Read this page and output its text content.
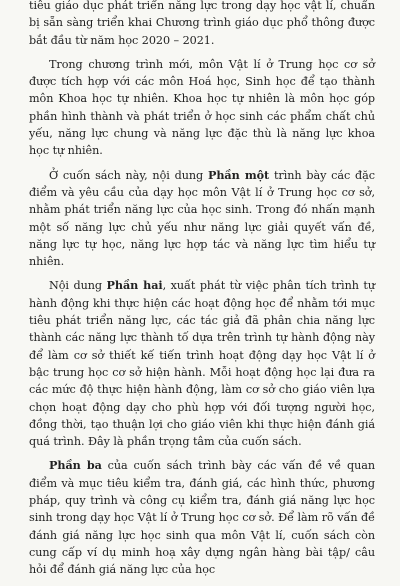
tiêu giáo dục phát triển năng lực trong dạy học vật lí, chuẩn bị sẵn sàng triển khai Chương trình giáo dục phổ thông được bắt đầu từ năm học 2020 – 2021.

Trong chương trình mới, môn Vật lí ở Trung học cơ sở được tích hợp với các môn Hoá học, Sinh học để tạo thành môn Khoa học tự nhiên. Khoa học tự nhiên là môn học góp phần hình thành và phát triển ở học sinh các phẩm chất chủ yếu, năng lực chung và năng lực đặc thù là năng lực khoa học tự nhiên.

Ở cuốn sách này, nội dung Phần một trình bày các đặc điểm và yêu cầu của dạy học môn Vật lí ở Trung học cơ sở, nhằm phát triển năng lực của học sinh. Trong đó nhấn mạnh một số năng lực chủ yếu như năng lực giải quyết vấn đề, năng lực tự học, năng lực hợp tác và năng lực tìm hiểu tự nhiên.

Nội dung Phần hai, xuất phát từ việc phân tích trình tự hành động khi thực hiện các hoạt động học để nhằm tới mục tiêu phát triển năng lực, các tác giả đã phân chia năng lực thành các năng lực thành tố dựa trên trình tự hành động này để làm cơ sở thiết kế tiến trình hoạt động dạy học Vật lí ở bậc trung học cơ sở hiện hành. Mỗi hoạt động học lại đưa ra các mức độ thực hiện hành động, làm cơ sở cho giáo viên lựa chọn hoạt động dạy cho phù hợp với đối tượng người học, đồng thời, tạo thuận lợi cho giáo viên khi thực hiện đánh giá quá trình. Đây là phần trọng tâm của cuốn sách.

Phần ba của cuốn sách trình bày các vấn đề về quan điểm và mục tiêu kiểm tra, đánh giá, các hình thức, phương pháp, quy trình và công cụ kiểm tra, đánh giá năng lực học sinh trong dạy học Vật lí ở Trung học cơ sở. Để làm rõ vấn đề đánh giá năng lực học sinh qua môn Vật lí, cuốn sách còn cung cấp ví dụ minh hoạ xây dựng ngân hàng bài tập/ câu hỏi để đánh giá năng lực của học
